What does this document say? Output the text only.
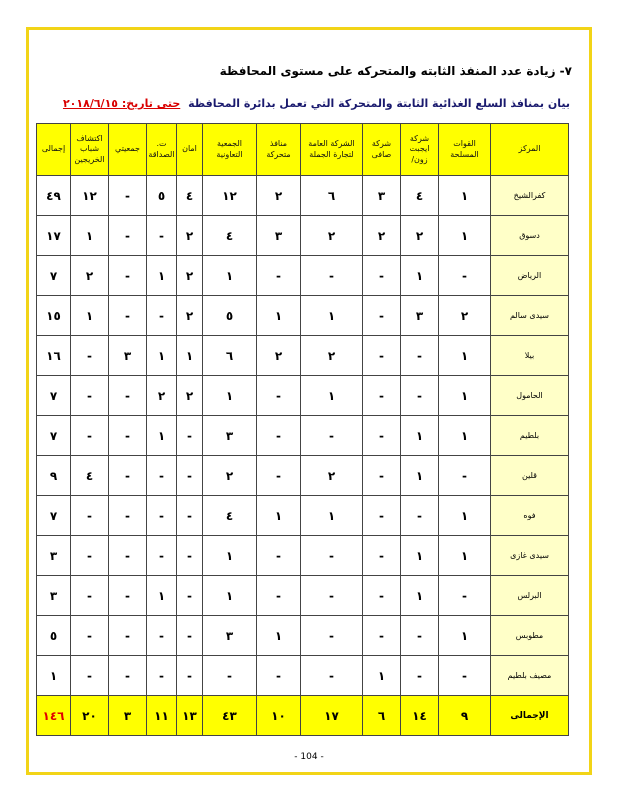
٧- زيادة عدد المنفذ الثابته والمتحركه على مستوى المحافظة
بيان بمنافذ السلع الغذائية الثابتة والمتحركة التي تعمل بدائرة المحافظة حتى تاريخ: ٢٠١٨/٦/١٥
المركز	القوات المسلحة	شركة ايجبت زون/	شركة صافى	الشركة العامة لتجارة الجملة	منافذ متحركة	الجمعية التعاونية	امان	ت. الصداقة	جمعيتي	اكتشاف شباب الخريجين	إجمالى
كفرالشيخ	١	٤	٣	٦	٢	١٢	٤	٥	-	١٢	٤٩
دسوق	١	٢	٢	٢	٣	٤	٢	-	-	١	١٧
الرياض	-	١	-	-	-	١	٢	١	-	٢	٧
سيدى سالم	٢	٣	-	١	١	٥	٢	-	-	١	١٥
بيلا	١	-	-	٢	٢	٦	١	١	٣	-	١٦
الحامول	١	-	-	١	-	١	٢	٢	-	-	٧
بلطيم	١	١	-	-	-	٣	-	١	-	-	٧
قلين	-	١	-	٢	-	٢	-	-	-	٤	٩
فوه	١	-	-	١	١	٤	-	-	-	-	٧
سيدى غازى	١	١	-	-	-	١	-	-	-	-	٣
البرلس	-	١	-	-	-	١	-	١	-	-	٣
مطوبس	١	-	-	-	١	٣	-	-	-	-	٥
مصيف بلطيم	-	-	١	-	-	-	-	-	-	-	١
الإجمالى	٩	١٤	٦	١٧	١٠	٤٣	١٣	١١	٣	٢٠	١٤٦
- 104 -
